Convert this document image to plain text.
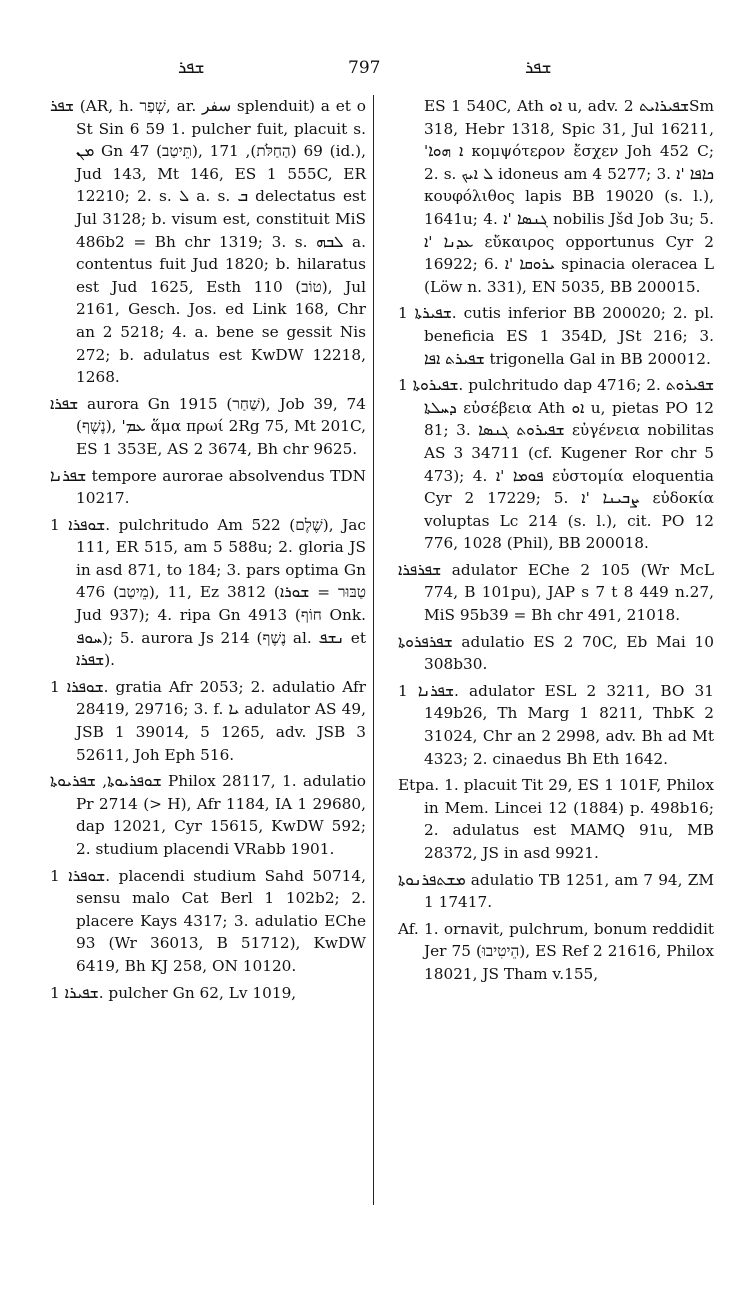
ܫܦܪ	797	ܫܦܪ

ܫܦܪ (AR, h. שְׁפַר, ar. سفر splenduit) a et o St Sin 6 59 1. pulcher fuit, placuit s. ܡܢ Gn 47 (תֵּיטַב), 69 (הַחַלֹּת), 171 (id.), Jud 143, Mt 146, ES 1 555C, ER 12210; 2. s. ܠ a. s. ܒ delectatus est Jul 3128; b. visum est, constituit MiS 486b2 = Bh chr 1319; 3. s. ܠܒܗ a. contentus fuit Jud 1820; b. hilaratus est Jud 1625, Esth 110 (טוֹב), Jul 2161, Gesch. Jos. ed Link 168, Chr an 2 5218; 4. a. bene se gessit Nis 272; b. adulatus est KwDW 12218, 1268.

ܫܦܪܐ aurora Gn 1915 (שַׁחַר), Job 39, 74 (נֶשֶׁף), 'ܥܡ ἅμα πρωί 2Rg 75, Mt 201C, ES 1 353E, AS 2 3674, Bh chr 9625.

ܫܦܪܢܐ tempore aurorae absolvendus TDN 10217.

ܫܘܦܪܐ 1. pulchritudo Am 522 (שֶׁלֶם), Jac 111, ER 515, am 5 588u; 2. gloria JS in asd 871, to 184; 3. pars optima Gn 476 (מֵיטַב), 11, Ez 3812 (טַבּוּר = ܫܘܪܐ Jud 937); 4. ripa Gn 4913 (חוֹף Onk. ܚܘܦ); 5. aurora Js 214 (נֶשֶׁף al. ܢܫܦ et ܫܦܪܐ).

ܫܘܦܪܐ 1. gratia Afr 2053; 2. adulatio Afr 28419, 29716; 3. f. ܝܐ adulator AS 49, JSB 1 39014, 5 1265, adv. JSB 3 52611, Joh Eph 516.

ܫܘܦܪܝܘܬܐ, ܫܦܪܝܘܬܐ Philox 28117, 1. adulatio Pr 2714 (> H), Afr 1184, IA 1 29680, dap 12021, Cyr 15615, KwDW 592; 2. studium placendi VRabb 1901.

ܫܘܦܪܐ 1. placendi studium Sahd 50714, sensu malo Cat Berl 1 102b2; 2. placere Kays 4317; 3. adulatio EChe 93 (Wr 36013, B 51712), KwDW 6419, Bh KJ 258, ON 10120.

ܫܦܝܪܐ 1. pulcher Gn 62, Lv 1019,

ES 1 540C, Ath ܐܘ u, adv. ܫܦܝܪܐܝܬ 2Sm 318, Hebr 1318, Spic 31, Jul 16211, 'ܐ ܗܘܐ κομψότερον ἔσχεν Joh 452 C; 2. s. ܠ ܐܝܟ idoneus am 4 5277; 3. ܟܐܦܐ 'ܐ κουφόλιθος lapis BB 19020 (s. l.), 1641u; 4. ܓܢܣܐ 'ܐ nobilis Jšd Job 3u; 5. ܥܕܢܐ 'ܐ εὔκαιρος opportunus Cyr 2 16922; 6. ܝܪܘܩܐ 'ܐ spinacia oleracea L (Löw n. 331), EN 5035, BB 200015.

ܫܦܝܪܬܐ 1. cutis inferior BB 200020; 2. pl. beneficia ES 1 354D, JSt 216; 3. ܫܦܝܪܬ ܐܦܐ trigonella Gal in BB 200012.

ܫܦܝܪܘܬܐ 1. pulchritudo dap 4716; 2. ܫܦܝܪܘܬ ܕܚܠܬܐ εὐσέβεια Ath ܐܘ u, pietas PO 12 81; 3. ܫܦܝܪܘܬ ܓܢܣܐ εὐγένεια nobilitas AS 3 34711 (cf. Kugener Ror chr 5 473); 4. ܦܘܡܐ 'ܐ εὐστομία eloquentia Cyr 2 17229; 5. ܨܒܝܢܐ 'ܐ εὐδοκία voluptas Lc 214 (s. l.), cit. PO 12 776, 1028 (Phil), BB 200018.

ܫܦܪܦܪܐ adulator EChe 2 105 (Wr McL 774, B 101pu), JAP s 7 t 8 449 n.27, MiS 95b39 = Bh chr 491, 21018.

ܫܦܪܦܪܘܬܐ adulatio ES 2 70C, Eb Mai 10 308b30.

ܫܦܪܢܐ 1. adulator ESL 2 3211, BO 31 149b26, Th Marg 1 8211, ThbK 2 31024, Chr an 2 2998, adv. Bh ad Mt 4323; 2. cinaedus Bh Eth 1642.

Etpa. 1. placuit Tit 29, ES 1 101F, Philox in Mem. Lincei 12 (1884) p. 498b16; 2. adulatus est MAMQ 91u, MB 28372, JS in asd 9921.

ܡܫܬܦܪܢܘܬܐ adulatio TB 1251, am 7 94, ZM 1 17417.

Af. 1. ornavit, pulchrum, bonum reddidit Jer 75 (הֵיטִיבוּ), ES Ref 2 21616, Philox 18021, JS Tham v.155,
